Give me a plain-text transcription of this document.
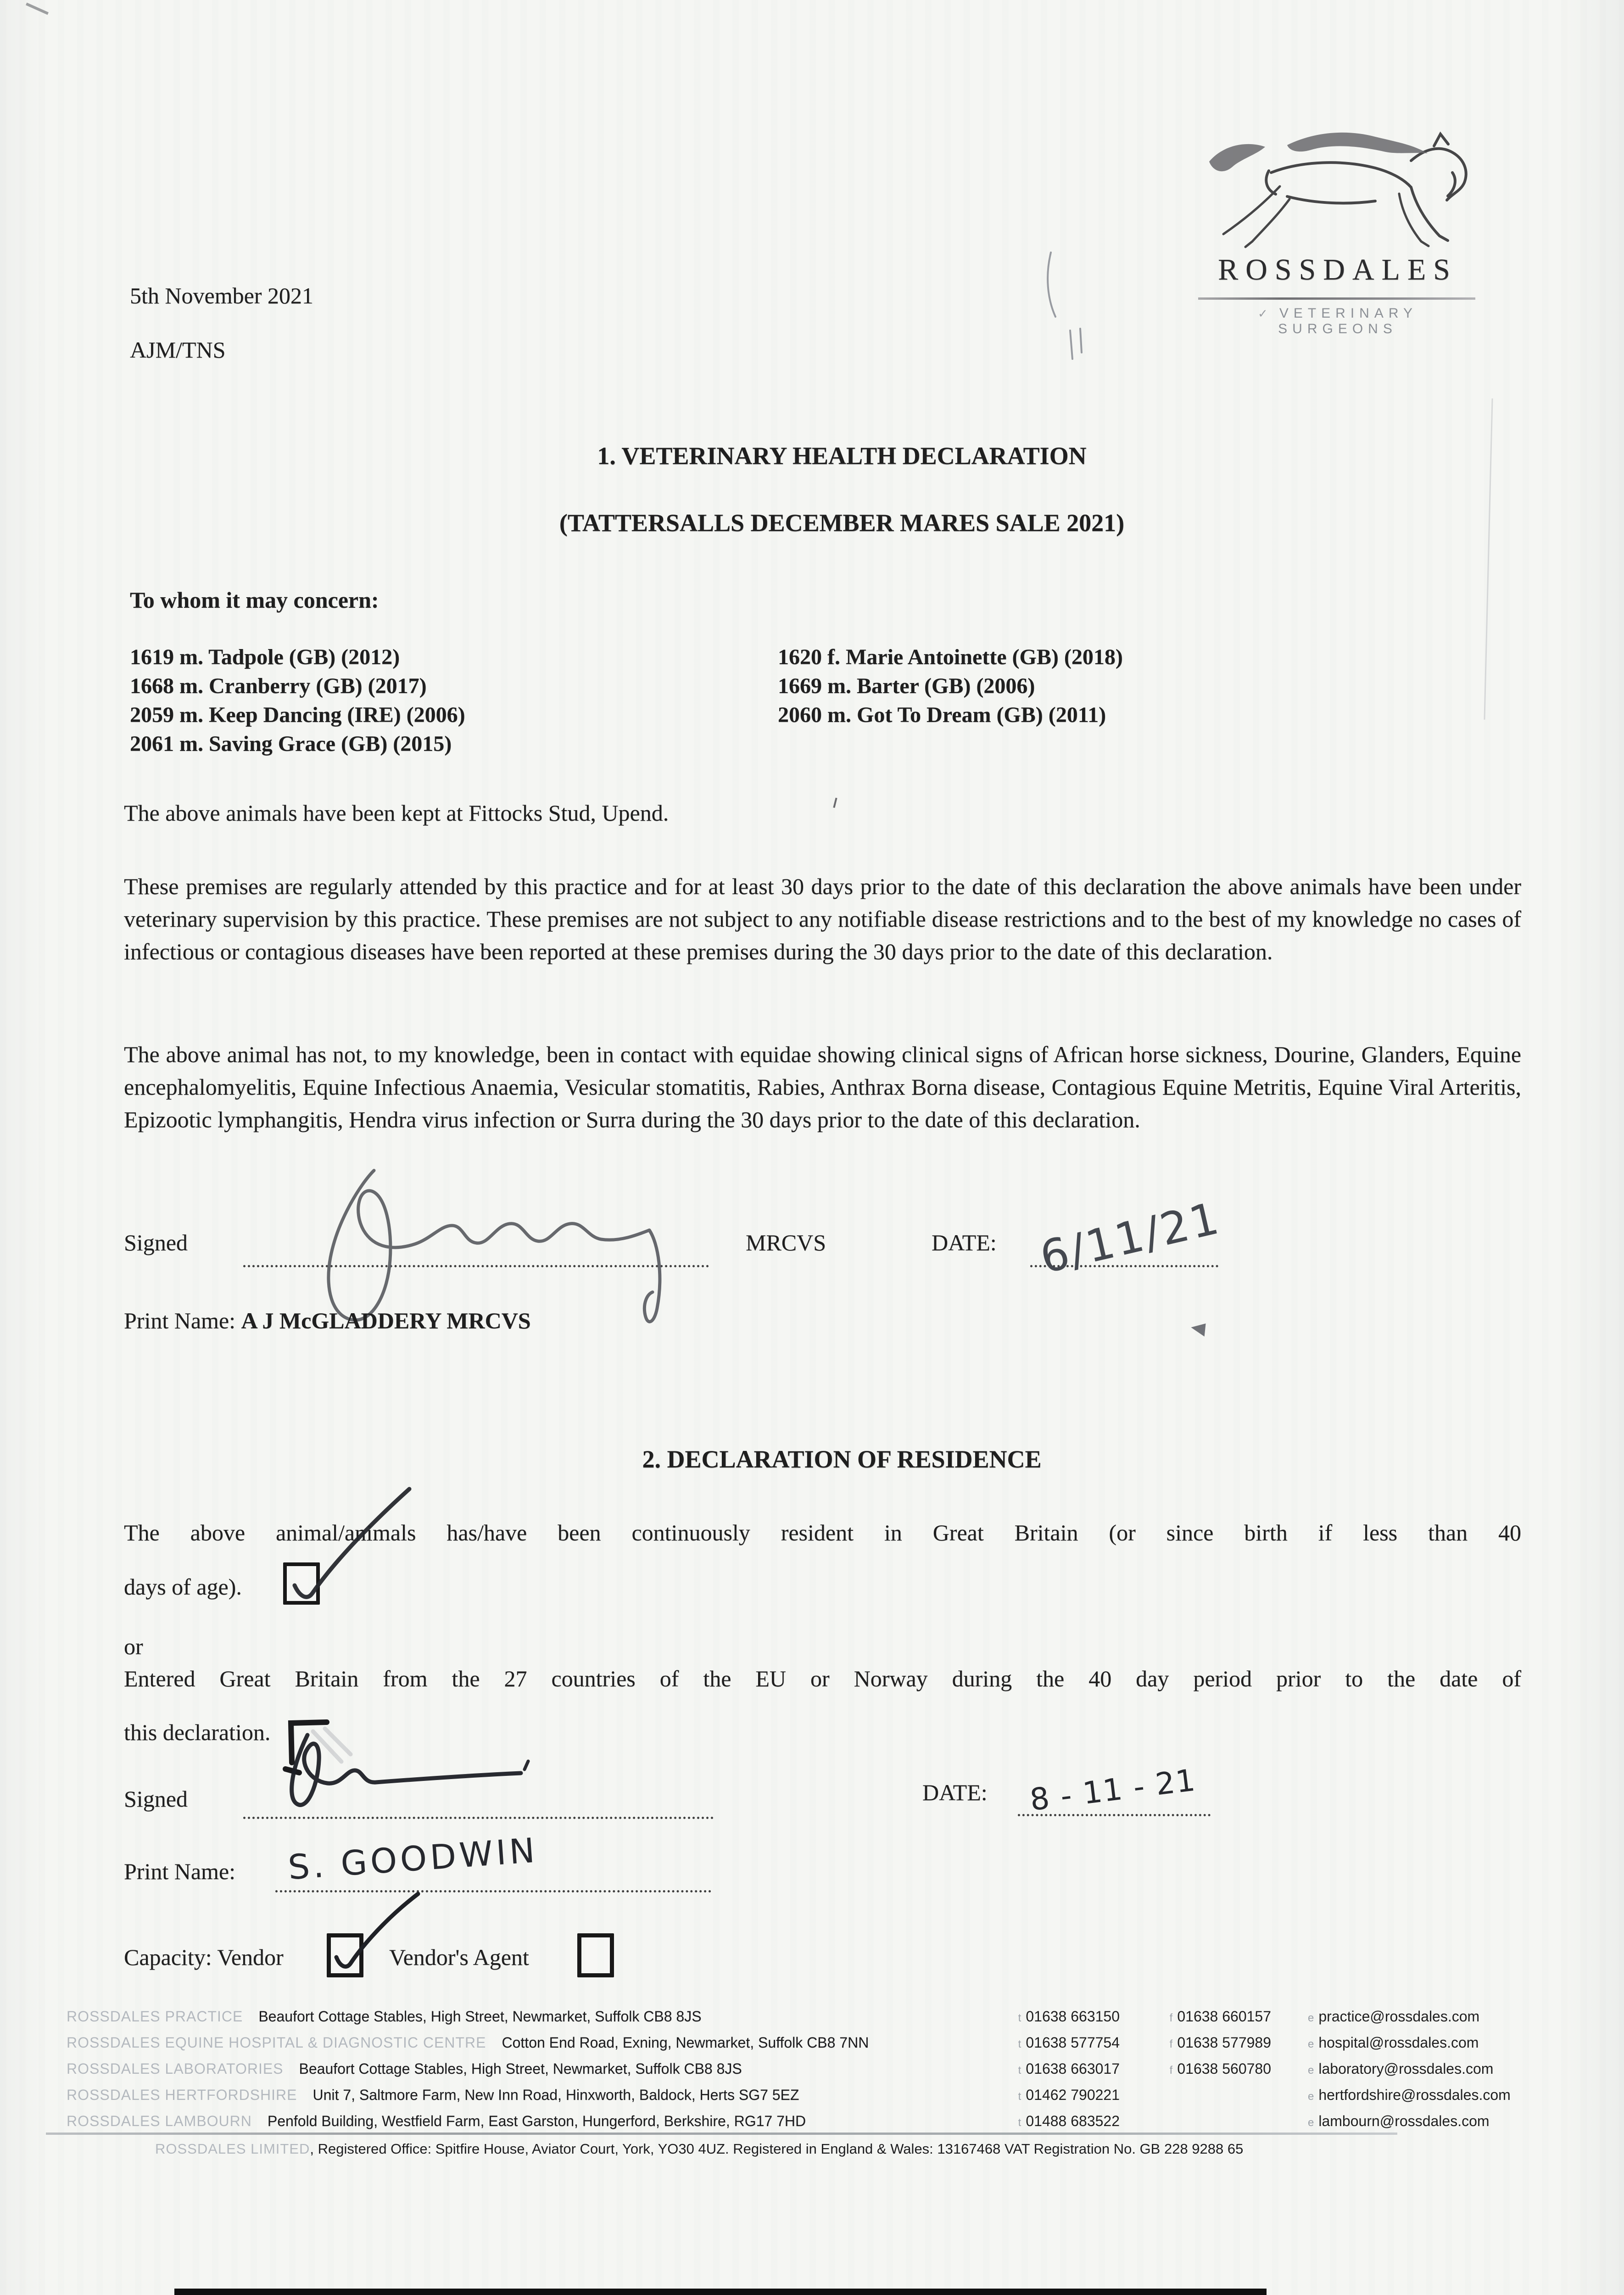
5th November 2021
AJM/TNS
ROSSDALES
✓ VETERINARY SURGEONS
1. VETERINARY HEALTH DECLARATION
(TATTERSALLS DECEMBER MARES SALE 2021)
To whom it may concern:
1619 m. Tadpole (GB) (2012)
1668 m. Cranberry (GB) (2017)
2059 m. Keep Dancing (IRE) (2006)
2061 m. Saving Grace (GB) (2015)
1620 f. Marie Antoinette (GB) (2018)
1669 m. Barter (GB) (2006)
2060 m. Got To Dream (GB) (2011)
The above animals have been kept at Fittocks Stud, Upend.
These premises are regularly attended by this practice and for at least 30 days prior to the date of this declaration the above animals have been under veterinary supervision by this practice. These premises are not subject to any notifiable disease restrictions and to the best of my knowledge no cases of infectious or contagious diseases have been reported at these premises during the 30 days prior to the date of this declaration.
The above animal has not, to my knowledge, been in contact with equidae showing clinical signs of African horse sickness, Dourine, Glanders, Equine encephalomyelitis, Equine Infectious Anaemia, Vesicular stomatitis, Rabies, Anthrax Borna disease, Contagious Equine Metritis, Equine Viral Arteritis, Epizootic lymphangitis, Hendra virus infection or Surra during the 30 days prior to the date of this declaration.
Signed	MRCVS	DATE: 6/11/21
Print Name: A J McGLADDERY MRCVS
2. DECLARATION OF RESIDENCE
The above animal/animals has/have been continuously resident in Great Britain (or since birth if less than 40
days of age).
or
Entered Great Britain from the 27 countries of the EU or Norway during the 40 day period prior to the date of
this declaration.
Signed	DATE: 8 - 11 - 21
Print Name: S. GOODWIN
Capacity: Vendor	Vendor's Agent
ROSSDALES PRACTICE Beaufort Cottage Stables, High Street, Newmarket, Suffolk CB8 8JS	t 01638 663150	f 01638 660157	e practice@rossdales.com
ROSSDALES EQUINE HOSPITAL & DIAGNOSTIC CENTRE Cotton End Road, Exning, Newmarket, Suffolk CB8 7NN	t 01638 577754	f 01638 577989	e hospital@rossdales.com
ROSSDALES LABORATORIES Beaufort Cottage Stables, High Street, Newmarket, Suffolk CB8 8JS	t 01638 663017	f 01638 560780	e laboratory@rossdales.com
ROSSDALES HERTFORDSHIRE Unit 7, Saltmore Farm, New Inn Road, Hinxworth, Baldock, Herts SG7 5EZ	t 01462 790221	e hertfordshire@rossdales.com
ROSSDALES LAMBOURN Penfold Building, Westfield Farm, East Garston, Hungerford, Berkshire, RG17 7HD	t 01488 683522	e lambourn@rossdales.com
ROSSDALES LIMITED, Registered Office: Spitfire House, Aviator Court, York, YO30 4UZ. Registered in England & Wales: 13167468 VAT Registration No. GB 228 9288 65
